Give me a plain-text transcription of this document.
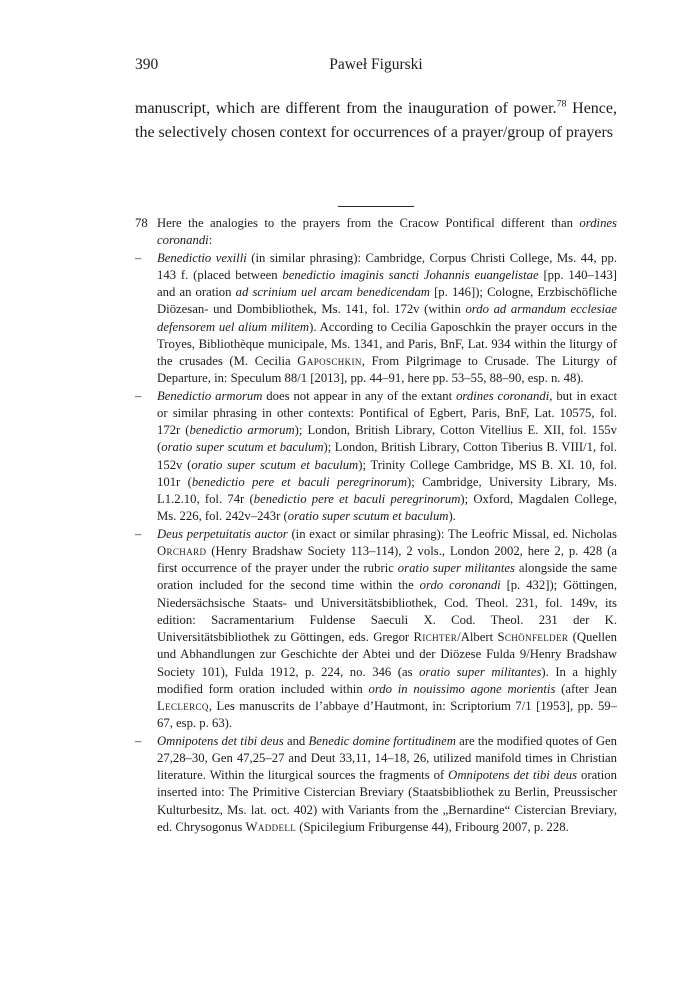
390	Paweł Figurski

manuscript, which are different from the inauguration of power.$^{78}$ Hence, the selectively chosen context for occurrences of a prayer/group of prayers

78 Here the analogies to the prayers from the Cracow Pontifical different than ordines coronandi:
–	Benedictio vexilli (in similar phrasing): Cambridge, Corpus Christi College, Ms. 44, pp. 143 f. (placed between benedictio imaginis sancti Johannis euangelistae [pp. 140–143] and an oration ad scrinium uel arcam benedicendam [p. 146]); Cologne, Erzbischöfliche Diözesan- und Dombibliothek, Ms. 141, fol. 172v (within ordo ad armandum ecclesiae defensorem uel alium militem). According to Cecilia Gaposchkin the prayer occurs in the Troyes, Bibliothèque municipale, Ms. 1341, and Paris, BnF, Lat. 934 within the liturgy of the crusades (M. Cecilia Gaposchkin, From Pilgrimage to Crusade. The Liturgy of Departure, in: Speculum 88/1 [2013], pp. 44–91, here pp. 53–55, 88–90, esp. n. 48).
–	Benedictio armorum does not appear in any of the extant ordines coronandi, but in exact or similar phrasing in other contexts: Pontifical of Egbert, Paris, BnF, Lat. 10575, fol. 172r (benedictio armorum); London, British Library, Cotton Vitellius E. XII, fol. 155v (oratio super scutum et baculum); London, British Library, Cotton Tiberius B. VIII/1, fol. 152v (oratio super scutum et baculum); Trinity College Cambridge, MS B. XI. 10, fol. 101r (benedictio pere et baculi peregrinorum); Cambridge, University Library, Ms. L1.2.10, fol. 74r (benedictio pere et baculi peregrinorum); Oxford, Magdalen College, Ms. 226, fol. 242v–243r (oratio super scutum et baculum).
–	Deus perpetuitatis auctor (in exact or similar phrasing): The Leofric Missal, ed. Nicholas Orchard (Henry Bradshaw Society 113–114), 2 vols., London 2002, here 2, p. 428 (a first occurrence of the prayer under the rubric oratio super militantes alongside the same oration included for the second time within the ordo coronandi [p. 432]); Göttingen, Niedersächsische Staats- und Universitätsbibliothek, Cod. Theol. 231, fol. 149v, its edition: Sacramentarium Fuldense Saeculi X. Cod. Theol. 231 der K. Universitätsbibliothek zu Göttingen, eds. Gregor Richter/Albert Schönfelder (Quellen und Abhandlungen zur Geschichte der Abtei und der Diözese Fulda 9/Henry Bradshaw Society 101), Fulda 1912, p. 224, no. 346 (as oratio super militantes). In a highly modified form oration included within ordo in nouissimo agone morientis (after Jean Leclercq, Les manuscrits de l’abbaye d’Hautmont, in: Scriptorium 7/1 [1953], pp. 59–67, esp. p. 63).
–	Omnipotens det tibi deus and Benedic domine fortitudinem are the modified quotes of Gen 27,28–30, Gen 47,25–27 and Deut 33,11, 14–18, 26, utilized manifold times in Christian literature. Within the liturgical sources the fragments of Omnipotens det tibi deus oration inserted into: The Primitive Cistercian Breviary (Staatsbibliothek zu Berlin, Preussischer Kulturbesitz, Ms. lat. oct. 402) with Variants from the „Bernardine“ Cistercian Breviary, ed. Chrysogonus Waddell (Spicilegium Friburgense 44), Fribourg 2007, p. 228.
